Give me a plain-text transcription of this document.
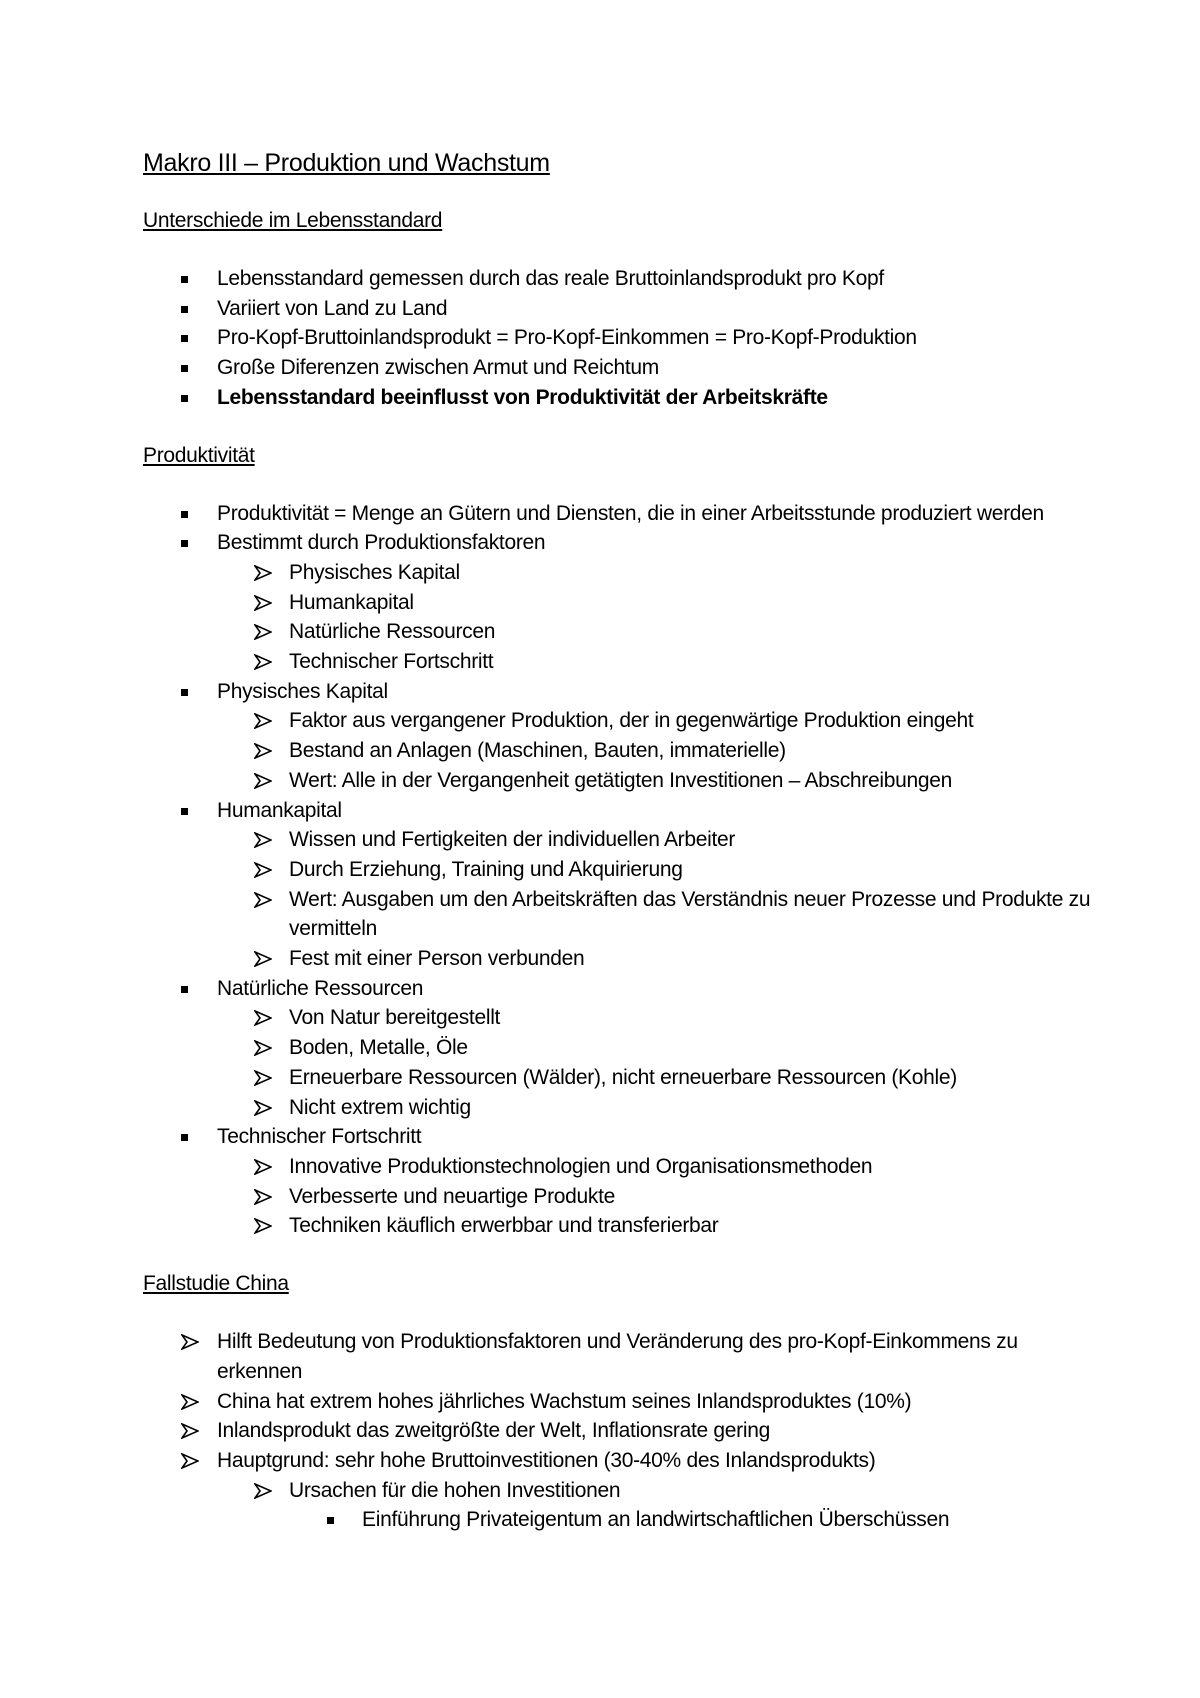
Makro III – Produktion und Wachstum
Unterschiede im Lebensstandard
Lebensstandard gemessen durch das reale Bruttoinlandsprodukt pro Kopf
Variiert von Land zu Land
Pro-Kopf-Bruttoinlandsprodukt = Pro-Kopf-Einkommen = Pro-Kopf-Produktion
Große Diferenzen zwischen Armut und Reichtum
Lebensstandard beeinflusst von Produktivität der Arbeitskräfte
Produktivität
Produktivität = Menge an Gütern und Diensten, die in einer Arbeitsstunde produziert werden
Bestimmt durch Produktionsfaktoren
Physisches Kapital
Humankapital
Natürliche Ressourcen
Technischer Fortschritt
Physisches Kapital
Faktor aus vergangener Produktion, der in gegenwärtige Produktion eingeht
Bestand an Anlagen (Maschinen, Bauten, immaterielle)
Wert: Alle in der Vergangenheit getätigten Investitionen – Abschreibungen
Humankapital
Wissen und Fertigkeiten der individuellen Arbeiter
Durch Erziehung, Training und Akquirierung
Wert: Ausgaben um den Arbeitskräften das Verständnis neuer Prozesse und Produkte zu vermitteln
Fest mit einer Person verbunden
Natürliche Ressourcen
Von Natur bereitgestellt
Boden, Metalle, Öle
Erneuerbare Ressourcen (Wälder), nicht erneuerbare Ressourcen (Kohle)
Nicht extrem wichtig
Technischer Fortschritt
Innovative Produktionstechnologien und Organisationsmethoden
Verbesserte und neuartige Produkte
Techniken käuflich erwerbbar und transferierbar
Fallstudie China
Hilft Bedeutung von Produktionsfaktoren und Veränderung des pro-Kopf-Einkommens zu erkennen
China hat extrem hohes jährliches Wachstum seines Inlandsproduktes (10%)
Inlandsprodukt das zweitgrößte der Welt, Inflationsrate gering
Hauptgrund: sehr hohe Bruttoinvestitionen (30-40% des Inlandsprodukts)
Ursachen für die hohen Investitionen
Einführung Privateigentum an landwirtschaftlichen Überschüssen
